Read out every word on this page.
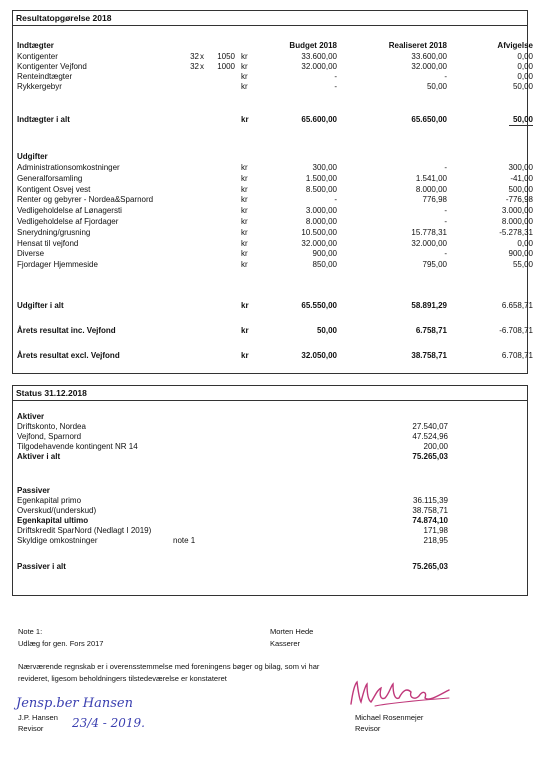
Resultatopgørelse 2018
Indtægter	Budget 2018	Realiseret 2018	Afvigelse
Kontigenter	32 x	1050 kr	33.600,00	33.600,00	0,00
Kontigenter Vejfond	32 x	1000 kr	32.000,00	32.000,00	0,00
Renteindtægter	kr	-	-	0,00
Rykkergebyr	kr	-	50,00	50,00
Indtægter i alt	kr	65.600,00	65.650,00	50,00
Udgifter
Administrationsomkostninger	kr	300,00	-	300,00
Generalforsamling	kr	1.500,00	1.541,00	-41,00
Kontigent Osvej vest	kr	8.500,00	8.000,00	500,00
Renter og gebyrer - Nordea&Sparnord	kr	-	776,98	-776,98
Vedligeholdelse af Lønagersti	kr	3.000,00	-	3.000,00
Vedligeholdelse af Fjordager	kr	8.000,00	-	8.000,00
Snerydning/grusning	kr	10.500,00	15.778,31	-5.278,31
Hensat til vejfond	kr	32.000,00	32.000,00	0,00
Diverse	kr	900,00	-	900,00
Fjordager Hjemmeside	kr	850,00	795,00	55,00
Udgifter i alt	kr	65.550,00	58.891,29	6.658,71
Årets resultat inc. Vejfond	kr	50,00	6.758,71	-6.708,71
Årets resultat excl. Vejfond	kr	32.050,00	38.758,71	6.708,71
Status 31.12.2018
Aktiver
Driftskonto, Nordea	27.540,07
Vejfond, Sparnord	47.524,96
Tilgodehavende kontingent NR 14	200,00
Aktiver i alt	75.265,03
Passiver
Egenkapital primo	36.115,39
Overskud/(underskud)	38.758,71
Egenkapital ultimo	74.874,10
Driftskredit SparNord (Nedlagt I 2019)	171,98
Skyldige omkostninger	note 1	218,95
Passiver i alt	75.265,03
Note 1:
Udlæg for gen. Fors 2017
Morten Hede
Kasserer
Nærværende regnskab er i overensstemmelse med foreningens bøger og bilag, som vi har
revideret, ligesom beholdningers tilstedeværelse er konstateret
Jensp.ber Hansen
23/4 - 2019.
J.P. Hansen
Revisor
Michael Rosenmejer
Revisor
